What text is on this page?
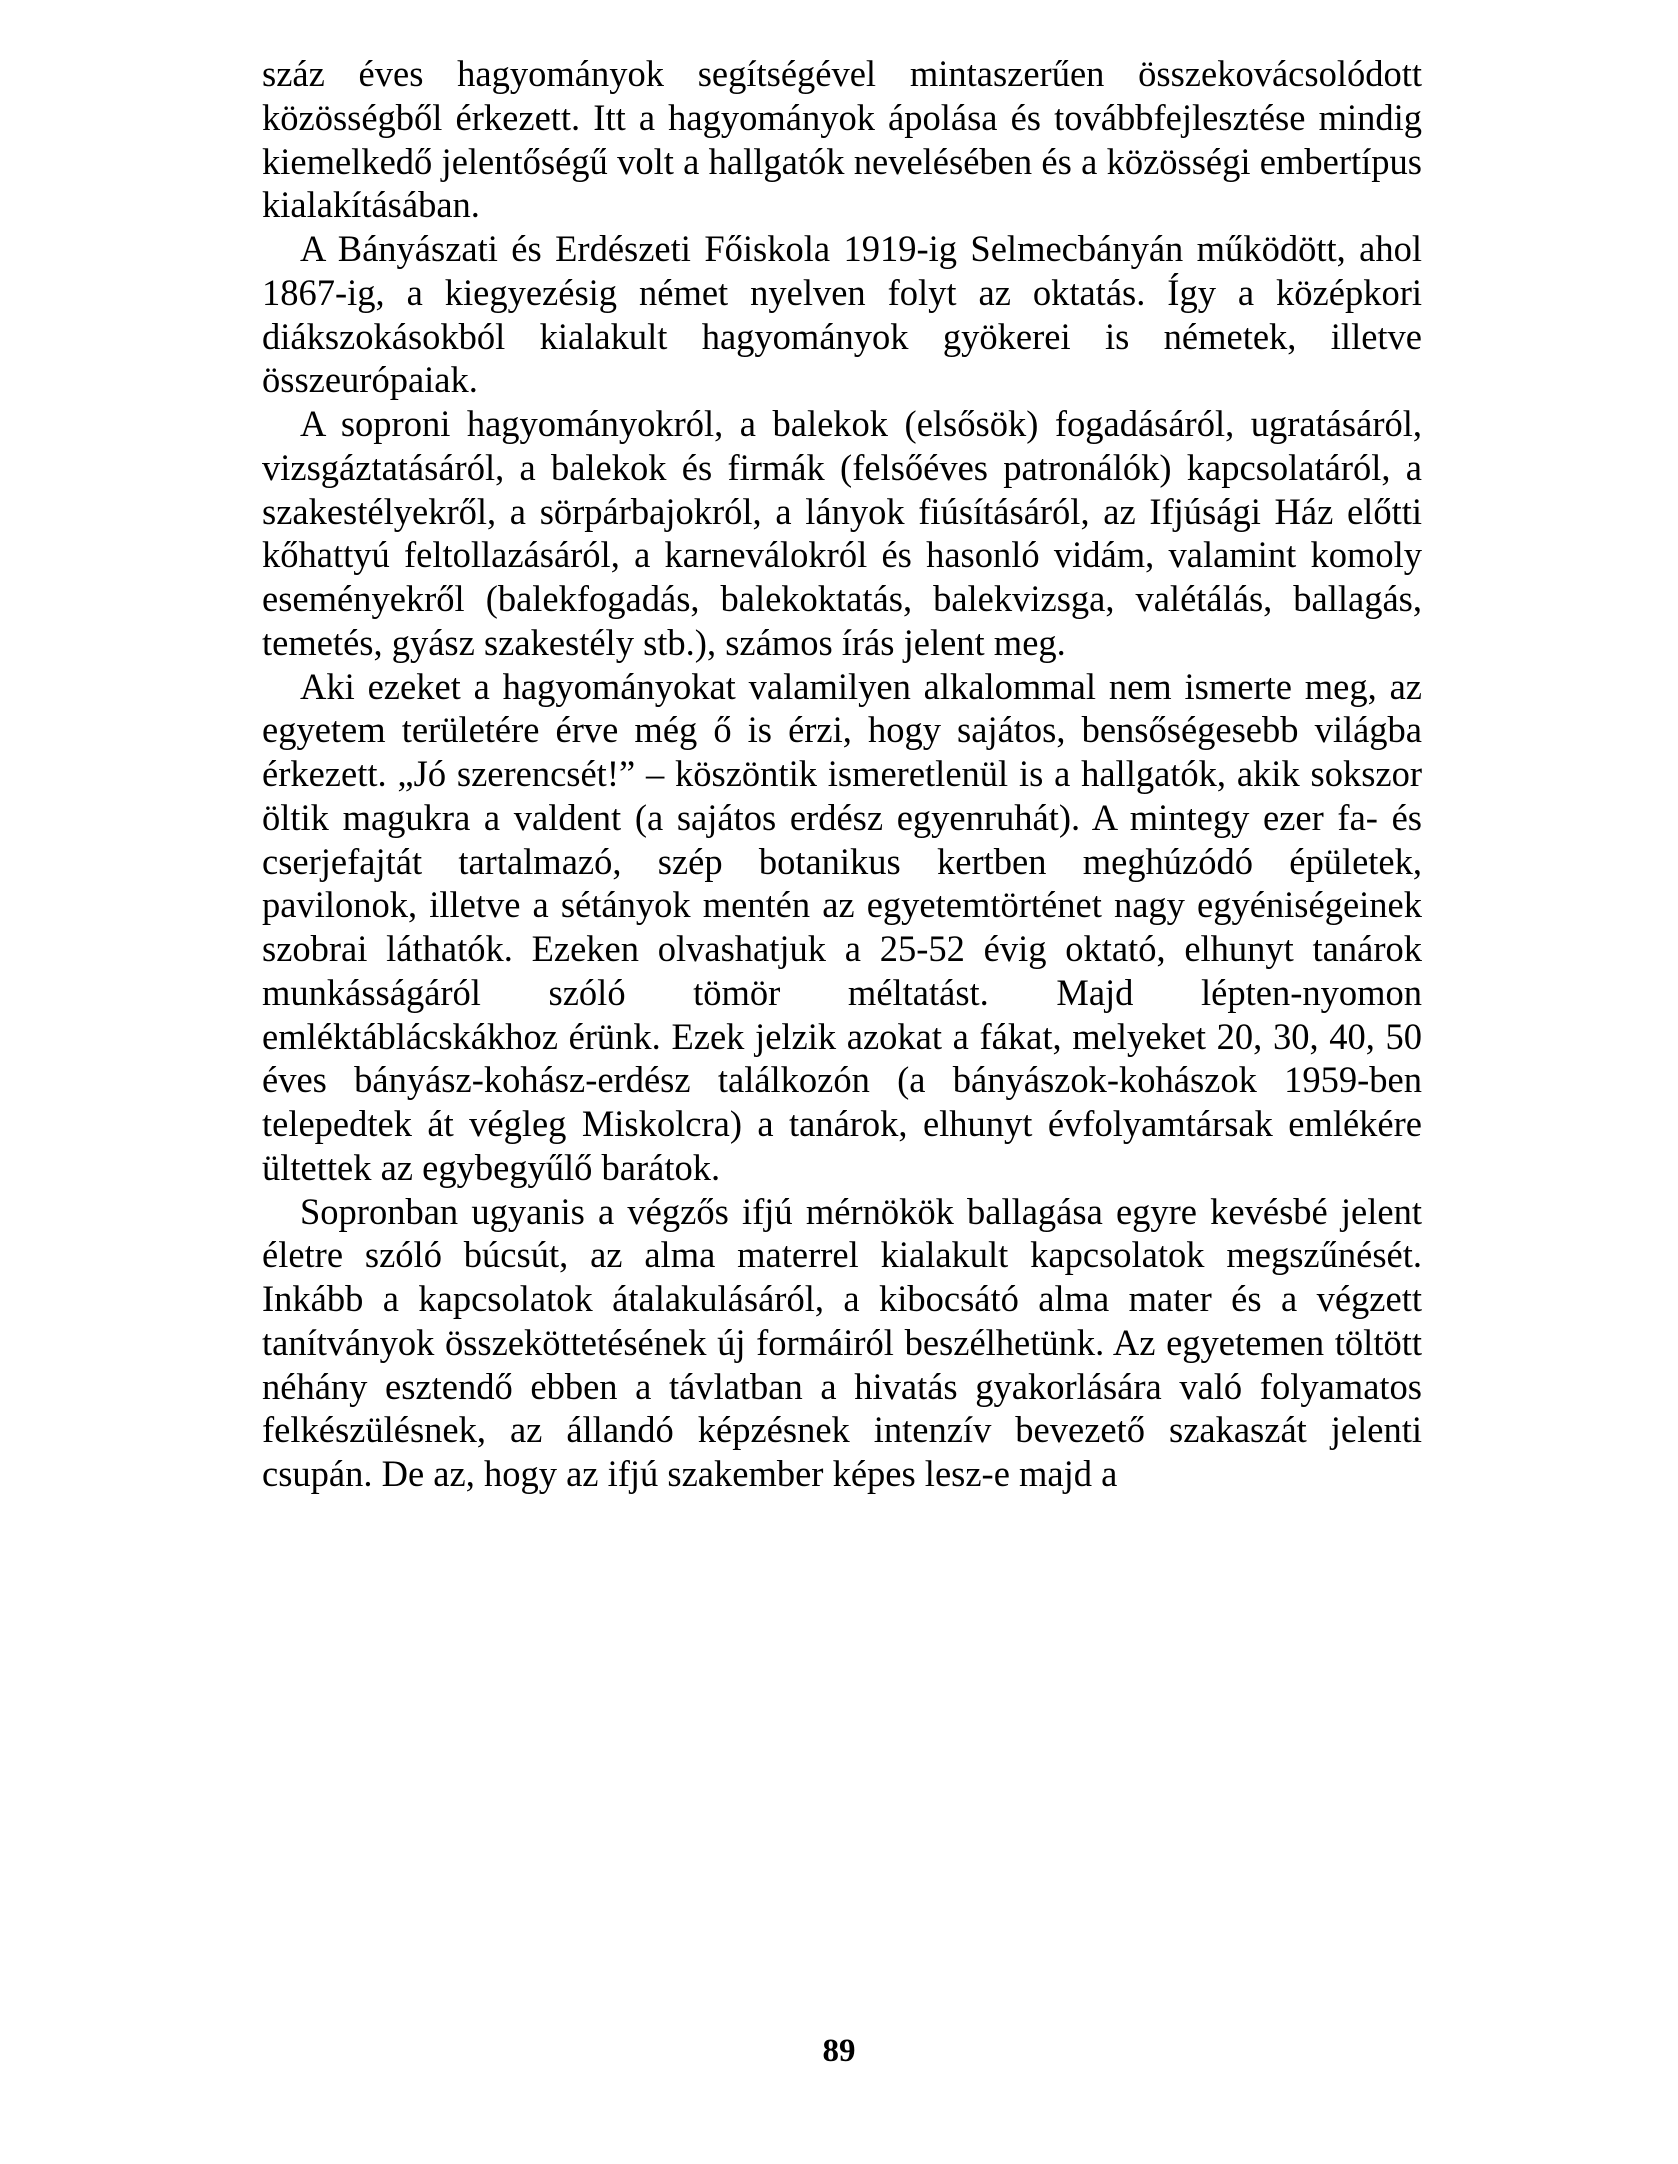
száz éves hagyományok segítségével mintaszerűen összekovácsolódott közösségből érkezett. Itt a hagyományok ápolása és továbbfejlesztése mindig kiemelkedő jelentőségű volt a hallgatók nevelésében és a közösségi embertípus kialakításában.

A Bányászati és Erdészeti Főiskola 1919-ig Selmecbányán működött, ahol 1867-ig, a kiegyezésig német nyelven folyt az oktatás. Így a középkori diákszokásokból kialakult hagyományok gyökerei is németek, illetve összeurópaiak.

A soproni hagyományokról, a balekok (elsősök) fogadásáról, ugratásáról, vizsgáztatásáról, a balekok és firmák (felsőéves patronálók) kapcsolatáról, a szakestélyekről, a sörpárbajokról, a lányok fiúsításáról, az Ifjúsági Ház előtti kőhattyú feltollazásáról, a karneválokról és hasonló vidám, valamint komoly eseményekről (balekfogadás, balekoktatás, balekvizsga, valétálás, ballagás, temetés, gyász szakestély stb.), számos írás jelent meg.

Aki ezeket a hagyományokat valamilyen alkalommal nem ismerte meg, az egyetem területére érve még ő is érzi, hogy sajátos, bensőségesebb világba érkezett. „Jó szerencsét!” – köszöntik ismeretlenül is a hallgatók, akik sokszor öltik magukra a valdent (a sajátos erdész egyenruhát). A mintegy ezer fa- és cserjefajtát tartalmazó, szép botanikus kertben meghúzódó épületek, pavilonok, illetve a sétányok mentén az egyetemtörténet nagy egyéniségeinek szobrai láthatók. Ezeken olvashatjuk a 25-52 évig oktató, elhunyt tanárok munkásságáról szóló tömör méltatást. Majd lépten-nyomon emléktáblácskákhoz érünk. Ezek jelzik azokat a fákat, melyeket 20, 30, 40, 50 éves bányász-kohász-erdész találkozón (a bányászok-kohászok 1959-ben telepedtek át végleg Miskolcra) a tanárok, elhunyt évfolyamtársak emlékére ültettek az egybegyűlő barátok.

Sopronban ugyanis a végzős ifjú mérnökök ballagása egyre kevésbé jelent életre szóló búcsút, az alma materrel kialakult kapcsolatok megszűnését. Inkább a kapcsolatok átalakulásáról, a kibocsátó alma mater és a végzett tanítványok összeköttetésének új formáiról beszélhetünk. Az egyetemen töltött néhány esztendő ebben a távlatban a hivatás gyakorlására való folyamatos felkészülésnek, az állandó képzésnek intenzív bevezető szakaszát jelenti csupán. De az, hogy az ifjú szakember képes lesz-e majd a

89
